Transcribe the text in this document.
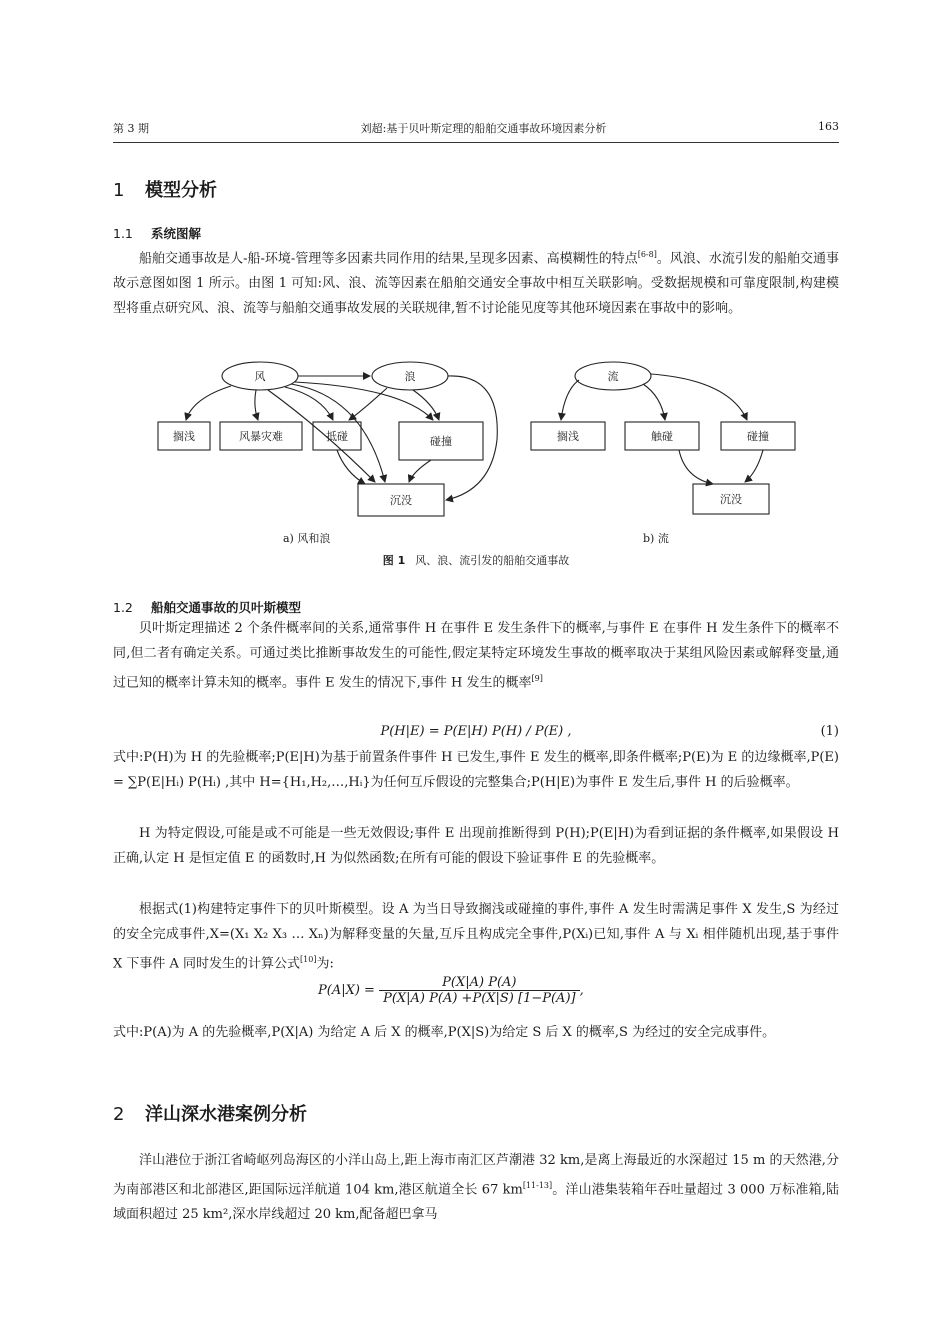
第 3 期	刘超:基于贝叶斯定理的船舶交通事故环境因素分析	163
1 模型分析
1.1 系统图解
船舶交通事故是人-船-环境-管理等多因素共同作用的结果,呈现多因素、高模糊性的特点[6-8]。风浪、水流引发的船舶交通事故示意图如图 1 所示。由图 1 可知:风、浪、流等因素在船舶交通安全事故中相互关联影响。受数据规模和可靠度限制,构建模型将重点研究风、浪、流等与船舶交通事故发展的关联规律,暂不讨论能见度等其他环境因素在事故中的影响。
风	浪
搁浅	风暴灾难	抵碰	碰撞
沉没
流
搁浅	触碰	碰撞
沉没
a) 风和浪	b) 流
图 1 风、浪、流引发的船舶交通事故
1.2 船舶交通事故的贝叶斯模型
贝叶斯定理描述 2 个条件概率间的关系,通常事件 H 在事件 E 发生条件下的概率,与事件 E 在事件 H 发生条件下的概率不同,但二者有确定关系。可通过类比推断事故发生的可能性,假定某特定环境发生事故的概率取决于某组风险因素或解释变量,通过已知的概率计算未知的概率。事件 E 发生的情况下,事件 H 发生的概率[9]
P(H|E) = P(E|H) P(H) / P(E) ,	(1)
式中:P(H)为 H 的先验概率;P(E|H)为基于前置条件事件 H 已发生,事件 E 发生的概率,即条件概率;P(E)为 E 的边缘概率,P(E) = ∑P(E|Hᵢ) P(Hᵢ) ,其中 H={H₁,H₂,…,Hᵢ}为任何互斥假设的完整集合;P(H|E)为事件 E 发生后,事件 H 的后验概率。
H 为特定假设,可能是或不可能是一些无效假设;事件 E 出现前推断得到 P(H);P(E|H)为看到证据的条件概率,如果假设 H 正确,认定 H 是恒定值 E 的函数时,H 为似然函数;在所有可能的假设下验证事件 E 的先验概率。
根据式(1)构建特定事件下的贝叶斯模型。设 A 为当日导致搁浅或碰撞的事件,事件 A 发生时需满足事件 X 发生,S 为经过的安全完成事件,X=(X₁ X₂ X₃ … Xₙ)为解释变量的矢量,互斥且构成完全事件,P(Xᵢ)已知,事件 A 与 Xᵢ 相伴随机出现,基于事件 X 下事件 A 同时发生的计算公式[10]为:
$P(A|X) = \frac{P(X|A) P(A)}{P(X|A) P(A) +P(X|S) [1-P(A)]}$ ,
式中:P(A)为 A 的先验概率,P(X|A) 为给定 A 后 X 的概率,P(X|S)为给定 S 后 X 的概率,S 为经过的安全完成事件。
2 洋山深水港案例分析
洋山港位于浙江省崎岖列岛海区的小洋山岛上,距上海市南汇区芦潮港 32 km,是离上海最近的水深超过 15 m 的天然港,分为南部港区和北部港区,距国际远洋航道 104 km,港区航道全长 67 km[11-13]。洋山港集装箱年吞吐量超过 3 000 万标准箱,陆域面积超过 25 km²,深水岸线超过 20 km,配备超巴拿马
